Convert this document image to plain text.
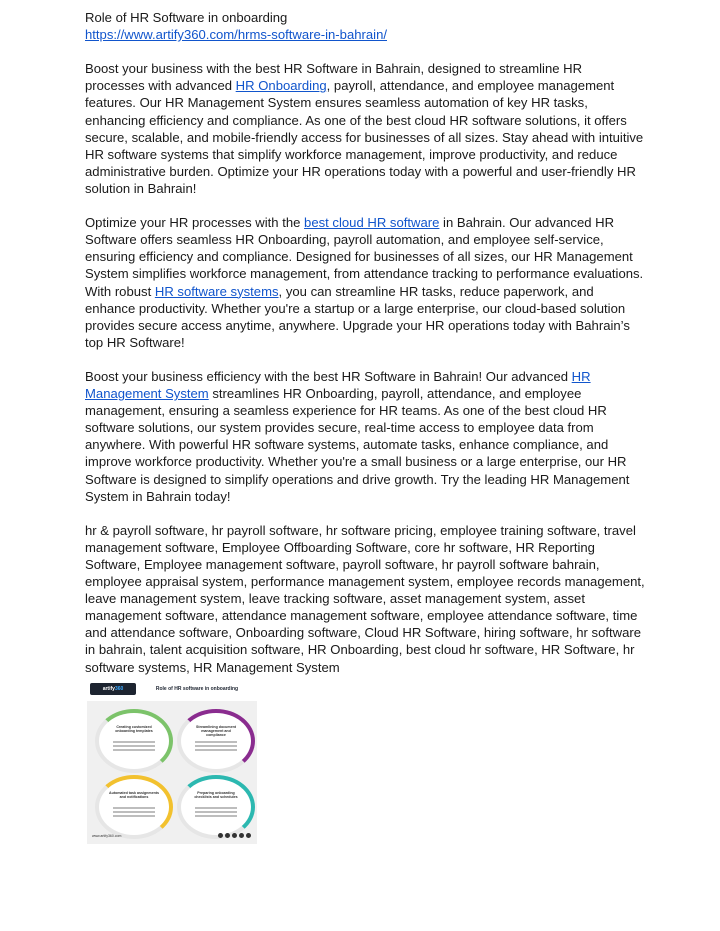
Role of HR Software in onboarding

https://www.artify360.com/hrms-software-in-bahrain/

Boost your business with the best HR Software in Bahrain, designed to streamline HR processes with advanced HR Onboarding, payroll, attendance, and employee management features. Our HR Management System ensures seamless automation of key HR tasks, enhancing efficiency and compliance. As one of the best cloud HR software solutions, it offers secure, scalable, and mobile-friendly access for businesses of all sizes. Stay ahead with intuitive HR software systems that simplify workforce management, improve productivity, and reduce administrative burden. Optimize your HR operations today with a powerful and user-friendly HR solution in Bahrain!

Optimize your HR processes with the best cloud HR software in Bahrain. Our advanced HR Software offers seamless HR Onboarding, payroll automation, and employee self-service, ensuring efficiency and compliance. Designed for businesses of all sizes, our HR Management System simplifies workforce management, from attendance tracking to performance evaluations. With robust HR software systems, you can streamline HR tasks, reduce paperwork, and enhance productivity. Whether you're a startup or a large enterprise, our cloud-based solution provides secure access anytime, anywhere. Upgrade your HR operations today with Bahrain’s top HR Software!

Boost your business efficiency with the best HR Software in Bahrain! Our advanced HR Management System streamlines HR Onboarding, payroll, attendance, and employee management, ensuring a seamless experience for HR teams. As one of the best cloud HR software solutions, our system provides secure, real-time access to employee data from anywhere. With powerful HR software systems, automate tasks, enhance compliance, and improve workforce productivity. Whether you're a small business or a large enterprise, our HR Software is designed to simplify operations and drive growth. Try the leading HR Management System in Bahrain today!

hr & payroll software, hr payroll software, hr software pricing, employee training software, travel management software, Employee Offboarding Software, core hr software, HR Reporting Software, Employee management software, payroll software, hr payroll software bahrain, employee appraisal system, performance management system, employee records management, leave management system, leave tracking software, asset management system, asset management software, attendance management software, employee attendance software, time and attendance software, Onboarding software, Cloud HR Software, hiring software, hr software in bahrain, talent acquisition software, HR Onboarding, best cloud hr software, HR Software, hr software systems, HR Management System

artify360	Role of HR software in onboarding
Creating customized onboarding templates
Streamlining document management and compliance
Automated task assignments and notifications
Preparing onboarding checklists and schedules
www.artify360.com
